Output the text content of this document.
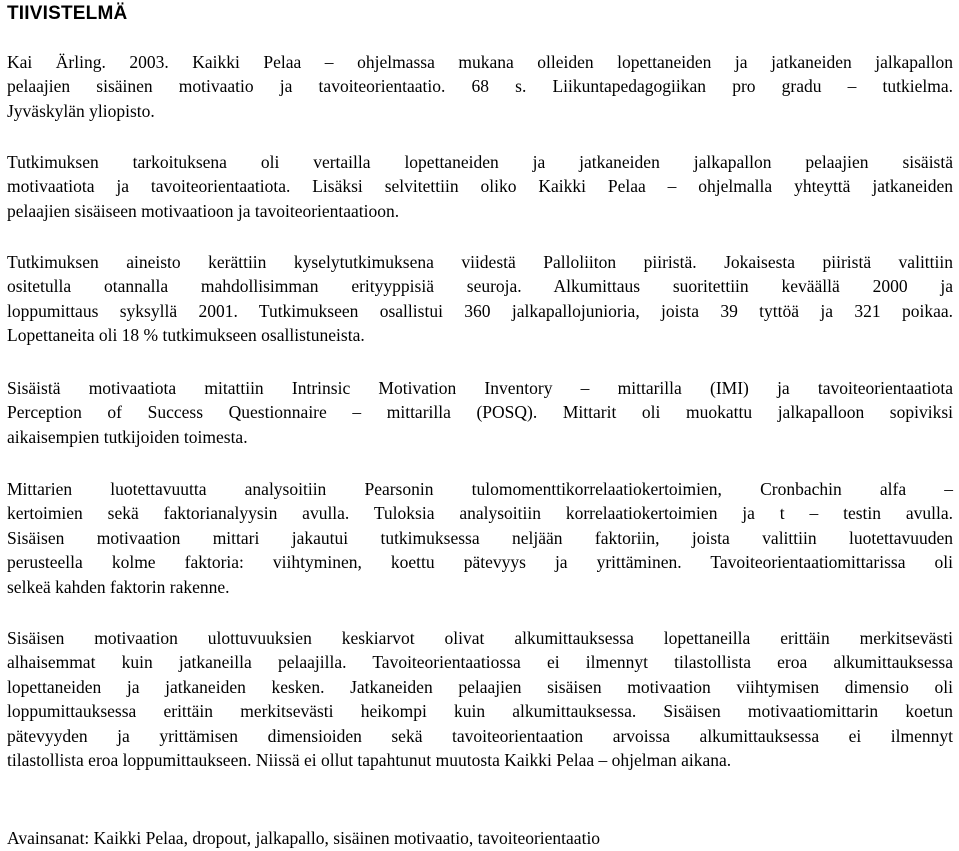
TIIVISTELMÄ
Kai Ärling. 2003. Kaikki Pelaa – ohjelmassa mukana olleiden lopettaneiden ja jatkaneiden jalkapallon
pelaajien sisäinen motivaatio ja tavoiteorientaatio. 68 s. Liikuntapedagogiikan pro gradu – tutkielma.
Jyväskylän yliopisto.
Tutkimuksen tarkoituksena oli vertailla lopettaneiden ja jatkaneiden jalkapallon pelaajien sisäistä
motivaatiota ja tavoiteorientaatiota. Lisäksi selvitettiin oliko Kaikki Pelaa – ohjelmalla yhteyttä jatkaneiden
pelaajien sisäiseen motivaatioon ja tavoiteorientaatioon.
Tutkimuksen aineisto kerättiin kyselytutkimuksena viidestä Palloliiton piiristä. Jokaisesta piiristä valittiin
ositetulla otannalla mahdollisimman erityyppisiä seuroja. Alkumittaus suoritettiin keväällä 2000 ja
loppumittaus syksyllä 2001. Tutkimukseen osallistui 360 jalkapallojunioria, joista 39 tyttöä ja 321 poikaa.
Lopettaneita oli 18 % tutkimukseen osallistuneista.
Sisäistä motivaatiota mitattiin Intrinsic Motivation Inventory – mittarilla (IMI) ja tavoiteorientaatiota
Perception of Success Questionnaire – mittarilla (POSQ). Mittarit oli muokattu jalkapalloon sopiviksi
aikaisempien tutkijoiden toimesta.
Mittarien luotettavuutta analysoitiin Pearsonin tulomomenttikorrelaatiokertoimien, Cronbachin alfa –
kertoimien sekä faktorianalyysin avulla. Tuloksia analysoitiin korrelaatiokertoimien ja t – testin avulla.
Sisäisen motivaation mittari jakautui tutkimuksessa neljään faktoriin, joista valittiin luotettavuuden
perusteella kolme faktoria: viihtyminen, koettu pätevyys ja yrittäminen. Tavoiteorientaatiomittarissa oli
selkeä kahden faktorin rakenne.
Sisäisen motivaation ulottuvuuksien keskiarvot olivat alkumittauksessa lopettaneilla erittäin merkitsevästi
alhaisemmat kuin jatkaneilla pelaajilla. Tavoiteorientaatiossa ei ilmennyt tilastollista eroa alkumittauksessa
lopettaneiden ja jatkaneiden kesken. Jatkaneiden pelaajien sisäisen motivaation viihtymisen dimensio oli
loppumittauksessa erittäin merkitsevästi heikompi kuin alkumittauksessa. Sisäisen motivaatiomittarin koetun
pätevyyden ja yrittämisen dimensioiden sekä tavoiteorientaation arvoissa alkumittauksessa ei ilmennyt
tilastollista eroa loppumittaukseen. Niissä ei ollut tapahtunut muutosta Kaikki Pelaa – ohjelman aikana.
Avainsanat: Kaikki Pelaa, dropout, jalkapallo, sisäinen motivaatio, tavoiteorientaatio
